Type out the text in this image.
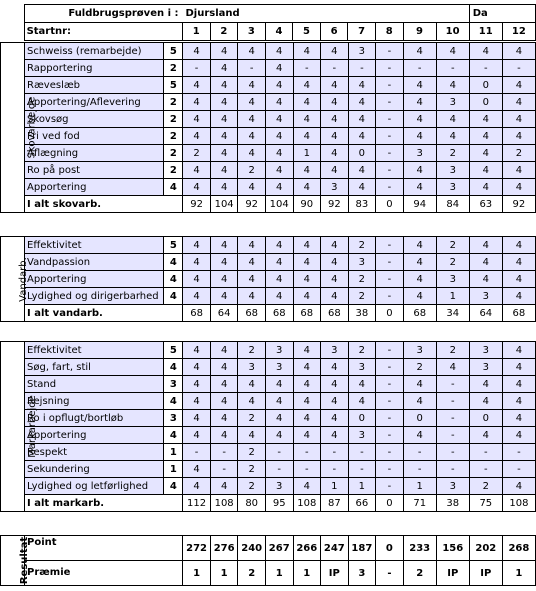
	Fuldbrugsprøven i :	Djursland										Da	
	Startnr:	1	2	3	4	5	6	7	8	9	10	11	12
Skovarbejde	Schweiss (remarbejde)	5	4	4	4	4	4	4	3	-	4	4	4	4
	Rapportering	2	-	4	-	4	-	-	-	-	-	-	-	-
	Ræveslæb	5	4	4	4	4	4	4	4	-	4	4	0	4
	Apportering/Aflevering	2	4	4	4	4	4	4	4	-	4	3	0	4
	Skovsøg	2	4	4	4	4	4	4	4	-	4	4	4	4
	Fri ved fod	2	4	4	4	4	4	4	4	-	4	4	4	4
	Aflægning	2	2	4	4	4	1	4	0	-	3	2	4	2
	Ro på post	2	4	4	2	4	4	4	4	-	4	3	4	4
	Apportering	4	4	4	4	4	4	3	4	-	4	3	4	4
	I alt skovarb.		92	104	92	104	90	92	83	0	94	84	63	92
Vandarb.	Effektivitet	5	4	4	4	4	4	4	2	-	4	2	4	4
	Vandpassion	4	4	4	4	4	4	4	3	-	4	2	4	4
	Apportering	4	4	4	4	4	4	4	2	-	4	3	4	4
	Lydighed og dirigerbarhed	4	4	4	4	4	4	4	2	-	4	1	3	4
	I alt vandarb.		68	64	68	68	68	68	38	0	68	34	64	68
Markarbejde	Effektivitet	5	4	4	2	3	4	3	2	-	3	2	3	4
	Søg, fart, stil	4	4	4	3	3	4	4	3	-	2	4	3	4
	Stand	3	4	4	4	4	4	4	4	-	4	-	4	4
	Rejsning	4	4	4	4	4	4	4	4	-	4	-	4	4
	Ro i opflugt/bortløb	3	4	4	2	4	4	4	0	-	0	-	0	4
	Apportering	4	4	4	4	4	4	4	3	-	4	-	4	4
	Respekt	1	-	-	2	-	-	-	-	-	-	-	-	-
	Sekundering	1	4	-	2	-	-	-	-	-	-	-	-	-
	Lydighed og letførlighed	4	4	4	2	3	4	1	1	-	1	3	2	4
	I alt markarb.		112	108	80	95	108	87	66	0	71	38	75	108
Resultat	Point	272	276	240	267	266	247	187	0	233	156	202	268
	Præmie	1	1	2	1	1	IP	3	-	2	IP	IP	1
